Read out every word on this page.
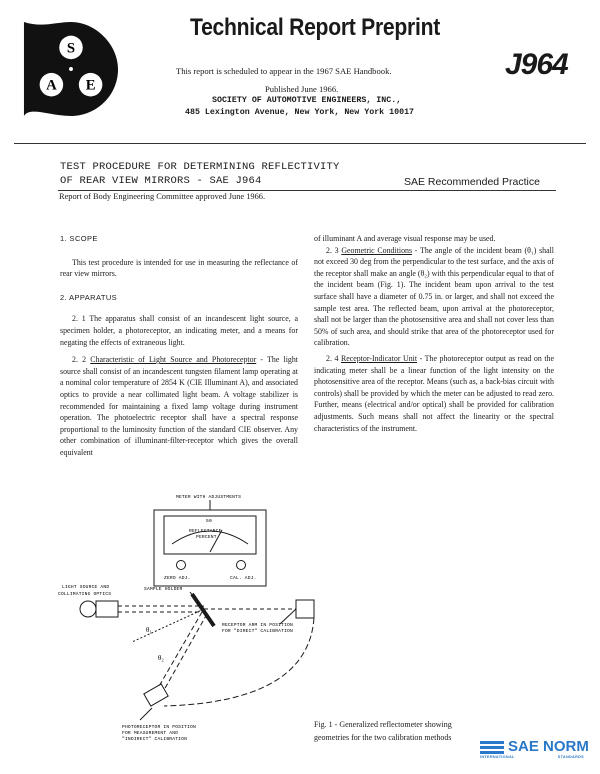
S
A E
Technical Report Preprint
This report is scheduled to appear in the 1967 SAE Handbook.
Published June 1966.
SOCIETY OF AUTOMOTIVE ENGINEERS, INC.,
485 Lexington Avenue, New York, New York 10017
J964
TEST PROCEDURE FOR DETERMINING REFLECTIVITY
OF REAR VIEW MIRRORS - SAE J964	SAE Recommended Practice
Report of Body Engineering Committee approved June 1966.

1. SCOPE

This test procedure is intended for use in measuring the reflectance of rear view mirrors.

2. APPARATUS

2. 1 The apparatus shall consist of an incandescent light source, a specimen holder, a photoreceptor, an indicating meter, and a means for negating the effects of extraneous light.

2. 2 Characteristic of Light Source and Photoreceptor - The light source shall consist of an incandescent tungsten filament lamp operating at a nominal color temperature of 2854 K (CIE Illuminant A), and associated optics to provide a near collimated light beam. A voltage stabilizer is recommended for maintaining a fixed lamp voltage during instrument operation. The photoelectric receptor shall have a spectral response proportional to the luminosity function of the standard CIE observer. Any other combination of illuminant-filter-receptor which gives the overall equivalent

of illuminant A and average visual response may be used.

2. 3 Geometric Conditions - The angle of the incident beam (θ₁) shall not exceed 30 deg from the perpendicular to the test surface, and the axis of the receptor shall make an angle (θ₂) with this perpendicular equal to that of the incident beam (Fig. 1). The incident beam upon arrival to the test surface shall have a diameter of 0.75 in. or larger, and shall not exceed the sample test area. The reflected beam, upon arrival at the photoreceptor, shall not be larger than the photosensitive area and shall not cover less than 50% of such area, and should strike that area of the photoreceptor used for calibration.

2. 4 Receptor-Indicator Unit - The photoreceptor output as read on the indicating meter shall be a linear function of the light intensity on the photosensitive area of the receptor. Means (such as, a back-bias circuit with controls) shall be provided by which the meter can be adjusted to read zero. Further, means (electrical and/or optical) shall be provided for calibration adjustments. Such means shall not affect the linearity or the spectral characteristics of the instrument.

METER WITH ADJUSTMENTS
50
REFLECTANCE
PERCENT
ZERO ADJ.	CAL. ADJ.
LIGHT SOURCE AND
COLLIMATING OPTICS
SAMPLE HOLDER
RECEPTOR ARM IN POSITION
FOR "DIRECT" CALIBRATION
θ₁
θ₂
PHOTORECEPTOR IN POSITION
FOR MEASUREMENT AND
"INDIRECT" CALIBRATION
Fig. 1 - Generalized reflectometer showing
geometries for the two calibration methods
SAE NORM
INTERNATIONAL	STANDARDS
